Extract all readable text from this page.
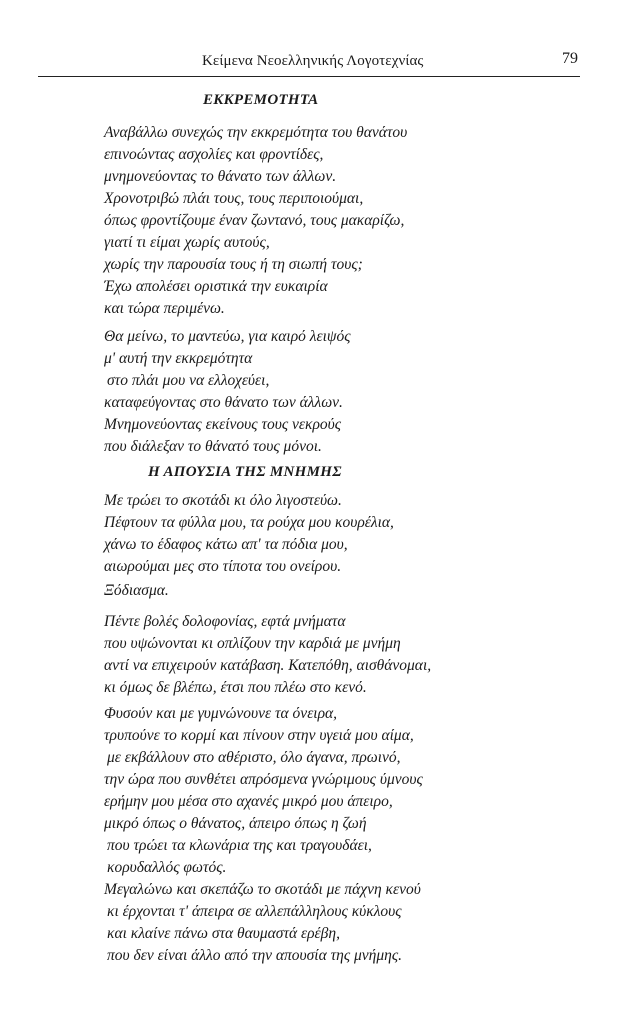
Κείμενα Νεοελληνικής Λογοτεχνίας	79
ΕΚΚΡΕΜΟΤΗΤΑ
Αναβάλλω συνεχώς την εκκρεμότητα του θανάτου
επινοώντας ασχολίες και φροντίδες,
μνημονεύοντας το θάνατο των άλλων.
Χρονοτριβώ πλάι τους, τους περιποιούμαι,
όπως φροντίζουμε έναν ζωντανό, τους μακαρίζω,
γιατί τι είμαι χωρίς αυτούς,
χωρίς την παρουσία τους ή τη σιωπή τους;
Έχω απολέσει οριστικά την ευκαιρία
και τώρα περιμένω.
Θα μείνω, το μαντεύω, για καιρό λειψός
μ' αυτή την εκκρεμότητα
στο πλάι μου να ελλοχεύει,
καταφεύγοντας στο θάνατο των άλλων.
Μνημονεύοντας εκείνους τους νεκρούς
που διάλεξαν το θάνατό τους μόνοι.
Η ΑΠΟΥΣΙΑ ΤΗΣ ΜΝΗΜΗΣ
Με τρώει το σκοτάδι κι όλο λιγοστεύω.
Πέφτουν τα φύλλα μου, τα ρούχα μου κουρέλια,
χάνω το έδαφος κάτω απ' τα πόδια μου,
αιωρούμαι μες στο τίποτα του ονείρου.
Ξόδιασμα.
Πέντε βολές δολοφονίας, εφτά μνήματα
που υψώνονται κι οπλίζουν την καρδιά με μνήμη
αντί να επιχειρούν κατάβαση. Κατεπόθη, αισθάνομαι,
κι όμως δε βλέπω, έτσι που πλέω στο κενό.
Φυσούν και με γυμνώνουνε τα όνειρα,
τρυπούνε το κορμί και πίνουν στην υγειά μου αίμα,
με εκβάλλουν στο αθέριστο, όλο άγανα, πρωινό,
την ώρα που συνθέτει απρόσμενα γνώριμους ύμνους
ερήμην μου μέσα στο αχανές μικρό μου άπειρο,
μικρό όπως ο θάνατος, άπειρο όπως η ζωή
που τρώει τα κλωνάρια της και τραγουδάει,
κορυδαλλός φωτός.
Μεγαλώνω και σκεπάζω το σκοτάδι με πάχνη κενού
κι έρχονται τ' άπειρα σε αλλεπάλληλους κύκλους
και κλαίνε πάνω στα θαυμαστά ερέβη,
που δεν είναι άλλο από την απουσία της μνήμης.
